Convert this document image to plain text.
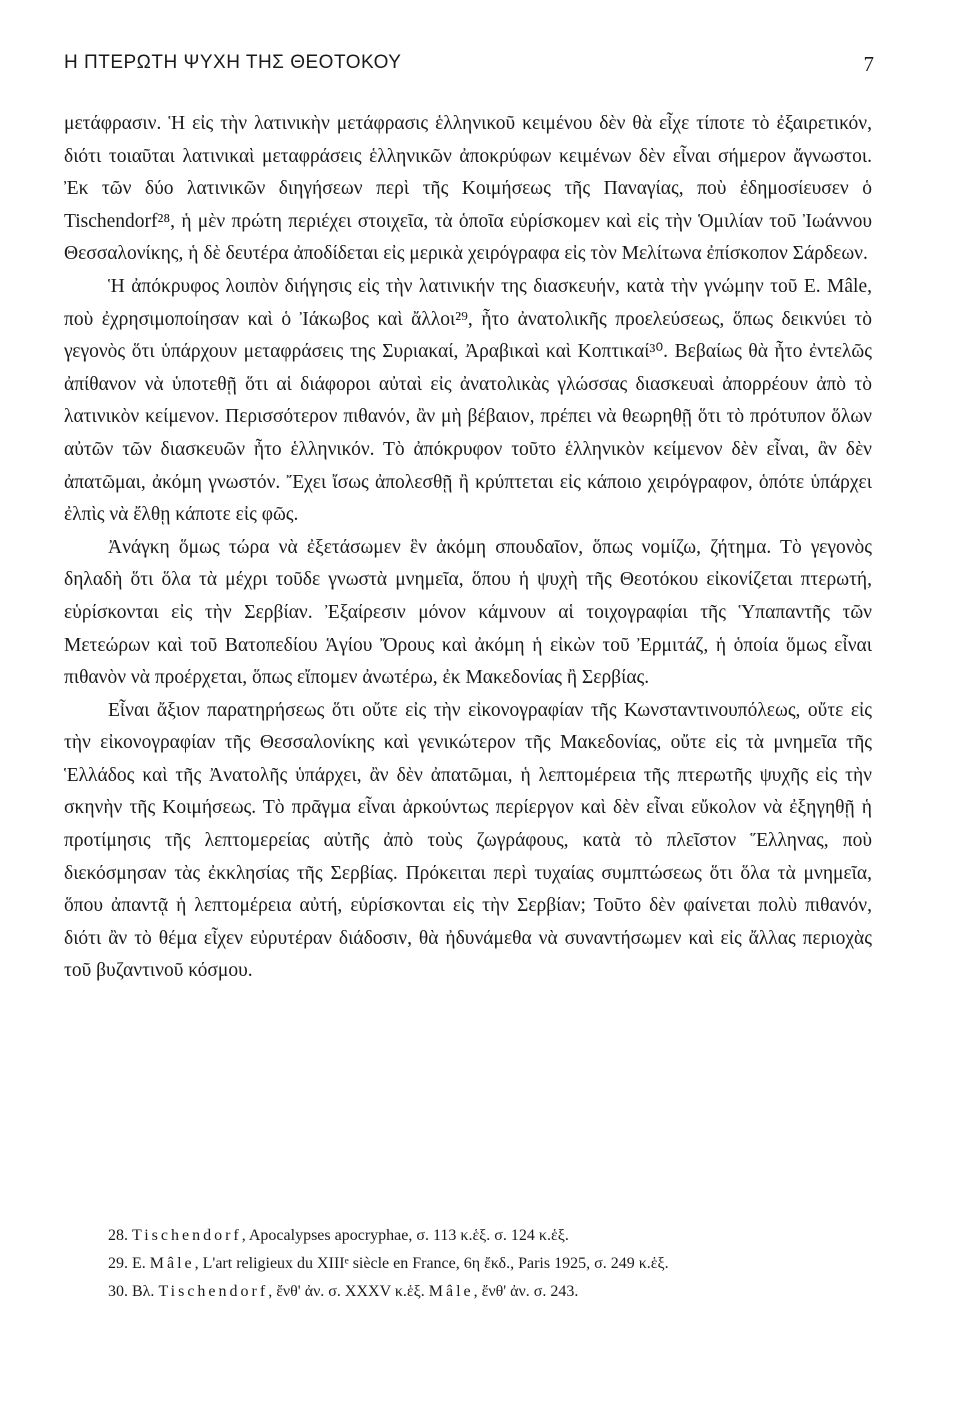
Η ΠΤΕΡΩΤΗ ΨΥΧΗ ΤΗΣ ΘΕΟΤΟΚΟΥ	7

μετάφρασιν. Ἡ εἰς τὴν λατινικὴν μετάφρασις ἑλληνικοῦ κειμένου δὲν θὰ εἶχε τίποτε τὸ ἐξαιρετικόν, διότι τοιαῦται λατινικαὶ μεταφράσεις ἑλληνικῶν ἀποκρύφων κειμένων δὲν εἶναι σήμερον ἄγνωστοι. Ἐκ τῶν δύο λατινικῶν διηγήσεων περὶ τῆς Κοιμήσεως τῆς Παναγίας, ποὺ ἐδημοσίευσεν ὁ Tischendorf²⁸, ἡ μὲν πρώτη περιέχει στοιχεῖα, τὰ ὁποῖα εὑρίσκομεν καὶ εἰς τὴν Ὁμιλίαν τοῦ Ἰωάννου Θεσσαλονίκης, ἡ δὲ δευτέρα ἀποδίδεται εἰς μερικὰ χειρόγραφα εἰς τὸν Μελίτωνα ἐπίσκοπον Σάρδεων.

Ἡ ἀπόκρυφος λοιπὸν διήγησις εἰς τὴν λατινικήν της διασκευήν, κατὰ τὴν γνώμην τοῦ E. Mâle, ποὺ ἐχρησιμοποίησαν καὶ ὁ Ἰάκωβος καὶ ἄλλοι²⁹, ἦτο ἀνατολικῆς προελεύσεως, ὅπως δεικνύει τὸ γεγονὸς ὅτι ὑπάρχουν μεταφράσεις της Συριακαί, Ἀραβικαὶ καὶ Κοπτικαί³⁰. Βεβαίως θὰ ἦτο ἐντελῶς ἀπίθανον νὰ ὑποτεθῇ ὅτι αἱ διάφοροι αὐταὶ εἰς ἀνατολικὰς γλώσσας διασκευαὶ ἀπορρέουν ἀπὸ τὸ λατινικὸν κείμενον. Περισσότερον πιθανόν, ἂν μὴ βέβαιον, πρέπει νὰ θεωρηθῇ ὅτι τὸ πρότυπον ὅλων αὐτῶν τῶν διασκευῶν ἦτο ἑλληνικόν. Τὸ ἀπόκρυφον τοῦτο ἑλληνικὸν κείμενον δὲν εἶναι, ἂν δὲν ἀπατῶμαι, ἀκόμη γνωστόν. Ἔχει ἴσως ἀπολεσθῇ ἢ κρύπτεται εἰς κάποιο χειρόγραφον, ὁπότε ὑπάρχει ἐλπὶς νὰ ἔλθῃ κάποτε εἰς φῶς.

Ἀνάγκη ὅμως τώρα νὰ ἐξετάσωμεν ἓν ἀκόμη σπουδαῖον, ὅπως νομίζω, ζήτημα. Τὸ γεγονὸς δηλαδὴ ὅτι ὅλα τὰ μέχρι τοῦδε γνωστὰ μνημεῖα, ὅπου ἡ ψυχὴ τῆς Θεοτόκου εἰκονίζεται πτερωτή, εὑρίσκονται εἰς τὴν Σερβίαν. Ἐξαίρεσιν μόνον κάμνουν αἱ τοιχογραφίαι τῆς Ὑπαπαντῆς τῶν Μετεώρων καὶ τοῦ Βατοπεδίου Ἁγίου Ὄρους καὶ ἀκόμη ἡ εἰκὼν τοῦ Ἐρμιτάζ, ἡ ὁποία ὅμως εἶναι πιθανὸν νὰ προέρχεται, ὅπως εἴπομεν ἀνωτέρω, ἐκ Μακεδονίας ἢ Σερβίας.

Εἶναι ἄξιον παρατηρήσεως ὅτι οὔτε εἰς τὴν εἰκονογραφίαν τῆς Κωνσταντινουπόλεως, οὔτε εἰς τὴν εἰκονογραφίαν τῆς Θεσσαλονίκης καὶ γενικώτερον τῆς Μακεδονίας, οὔτε εἰς τὰ μνημεῖα τῆς Ἑλλάδος καὶ τῆς Ἀνατολῆς ὑπάρχει, ἂν δὲν ἀπατῶμαι, ἡ λεπτομέρεια τῆς πτερωτῆς ψυχῆς εἰς τὴν σκηνὴν τῆς Κοιμήσεως. Τὸ πρᾶγμα εἶναι ἀρκούντως περίεργον καὶ δὲν εἶναι εὔκολον νὰ ἐξηγηθῇ ἡ προτίμησις τῆς λεπτομερείας αὐτῆς ἀπὸ τοὺς ζωγράφους, κατὰ τὸ πλεῖστον Ἕλληνας, ποὺ διεκόσμησαν τὰς ἐκκλησίας τῆς Σερβίας. Πρόκειται περὶ τυχαίας συμπτώσεως ὅτι ὅλα τὰ μνημεῖα, ὅπου ἀπαντᾷ ἡ λεπτομέρεια αὐτή, εὑρίσκονται εἰς τὴν Σερβίαν; Τοῦτο δὲν φαίνεται πολὺ πιθανόν, διότι ἂν τὸ θέμα εἶχεν εὐρυτέραν διάδοσιν, θὰ ἠδυνάμεθα νὰ συναντήσωμεν καὶ εἰς ἄλλας περιοχὰς τοῦ βυζαντινοῦ κόσμου.

28. Tischendorf, Apocalypses apocryphae, σ. 113 κ.ἑξ. σ. 124 κ.ἑξ.

29. E. Mâle, L'art religieux du XIIIᵉ siècle en France, 6η ἔκδ., Paris 1925, σ. 249 κ.ἑξ.

30. Βλ. Tischendorf, ἔνθ' ἀν. σ. XXXV κ.ἑξ. Mâle, ἔνθ' ἀν. σ. 243.
